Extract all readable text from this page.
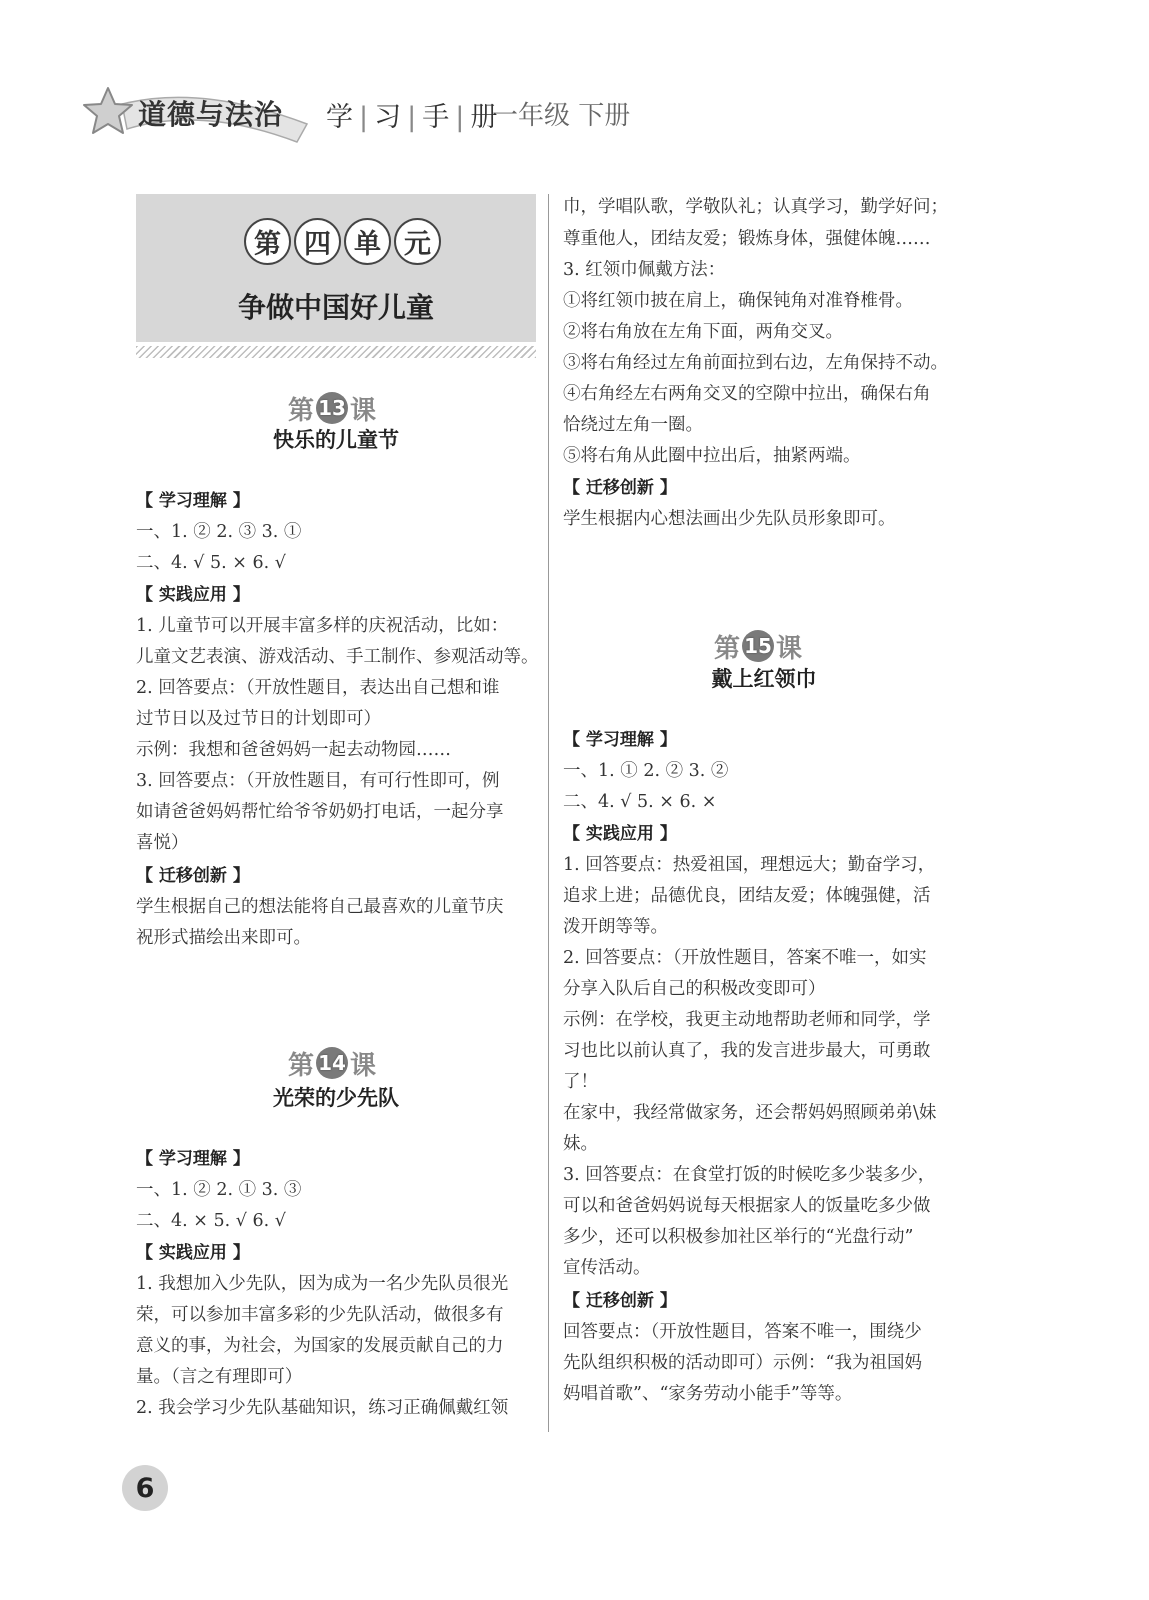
道德与法治 学 | 习 | 手 | 册
一年级 下册
第 四 单 元
争做中国好儿童
第 13 课
快乐的儿童节
【 学习理解 】
一、1. ② 2. ③ 3. ①
二、4. √ 5. × 6. √
【 实践应用 】
1. 儿童节可以开展丰富多样的庆祝活动，比如：
儿童文艺表演、游戏活动、手工制作、参观活动等。
2. 回答要点：（开放性题目，表达出自己想和谁
过节日以及过节日的计划即可）
示例：我想和爸爸妈妈一起去动物园……
3. 回答要点：（开放性题目，有可行性即可，例
如请爸爸妈妈帮忙给爷爷奶奶打电话，一起分享
喜悦）
【 迁移创新 】
学生根据自己的想法能将自己最喜欢的儿童节庆
祝形式描绘出来即可。
第 14 课
光荣的少先队
【 学习理解 】
一、1. ② 2. ① 3. ③
二、4. × 5. √ 6. √
【 实践应用 】
1. 我想加入少先队，因为成为一名少先队员很光
荣，可以参加丰富多彩的少先队活动，做很多有
意义的事，为社会，为国家的发展贡献自己的力
量。（言之有理即可）
2. 我会学习少先队基础知识，练习正确佩戴红领
巾，学唱队歌，学敬队礼；认真学习，勤学好问；
尊重他人，团结友爱；锻炼身体，强健体魄……
3. 红领巾佩戴方法：
①将红领巾披在肩上，确保钝角对准脊椎骨。
②将右角放在左角下面，两角交叉。
③将右角经过左角前面拉到右边，左角保持不动。
④右角经左右两角交叉的空隙中拉出，确保右角
恰绕过左角一圈。
⑤将右角从此圈中拉出后，抽紧两端。
【 迁移创新 】
学生根据内心想法画出少先队员形象即可。
第 15 课
戴上红领巾
【 学习理解 】
一、1. ① 2. ② 3. ②
二、4. √ 5. × 6. ×
【 实践应用 】
1. 回答要点：热爱祖国，理想远大；勤奋学习，
追求上进；品德优良，团结友爱；体魄强健，活
泼开朗等等。
2. 回答要点：（开放性题目，答案不唯一，如实
分享入队后自己的积极改变即可）
示例：在学校，我更主动地帮助老师和同学，学
习也比以前认真了，我的发言进步最大，可勇敢
了！
在家中，我经常做家务，还会帮妈妈照顾弟弟\妹
妹。
3. 回答要点：在食堂打饭的时候吃多少装多少，
可以和爸爸妈妈说每天根据家人的饭量吃多少做
多少，还可以积极参加社区举行的“光盘行动”
宣传活动。
【 迁移创新 】
回答要点：（开放性题目，答案不唯一，围绕少
先队组织积极的活动即可）示例：“我为祖国妈
妈唱首歌”、“家务劳动小能手”等等。
6
